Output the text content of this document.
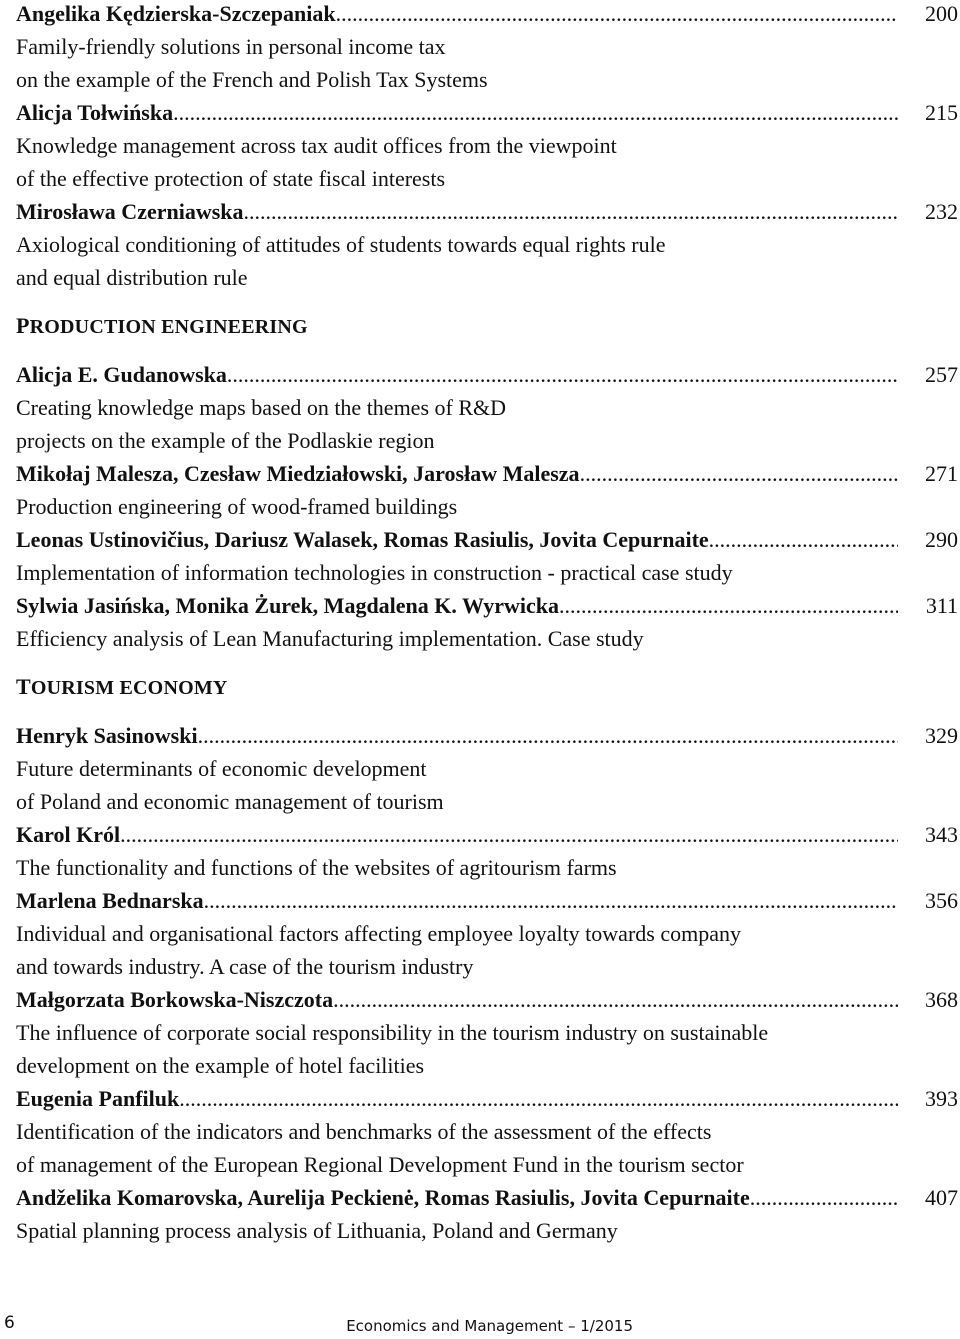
Angelika Kędzierska-Szczepaniak .....	200
Family-friendly solutions in personal income tax
on the example of the French and Polish Tax Systems
Alicja Tołwińska .....	215
Knowledge management across tax audit offices from the viewpoint
of the effective protection of state fiscal interests
Mirosława Czerniawska .....	232
Axiological conditioning of attitudes of students towards equal rights rule
and equal distribution rule
PRODUCTION ENGINEERING
Alicja E. Gudanowska .....	257
Creating knowledge maps based on the themes of R&D
projects on the example of the Podlaskie region
Mikołaj Malesza, Czesław Miedziałowski, Jarosław Malesza .....	271
Production engineering of wood-framed buildings
Leonas Ustinovičius, Dariusz Walasek, Romas Rasiulis, Jovita Cepurnaite .....	290
Implementation of information technologies in construction - practical case study
Sylwia Jasińska, Monika Żurek, Magdalena K. Wyrwicka .....	311
Efficiency analysis of Lean Manufacturing implementation. Case study
TOURISM ECONOMY
Henryk Sasinowski .....	329
Future determinants of economic development
of Poland and economic management of tourism
Karol Król .....	343
The functionality and functions of the websites of agritourism farms
Marlena Bednarska .....	356
Individual and organisational factors affecting employee loyalty towards company
and towards industry. A case of the tourism industry
Małgorzata Borkowska-Niszczota .....	368
The influence of corporate social responsibility in the tourism industry on sustainable
development on the example of hotel facilities
Eugenia Panfiluk .....	393
Identification of the indicators and benchmarks of the assessment of the effects
of management of the European Regional Development Fund in the tourism sector
Andželika Komarovska, Aurelija Peckienė, Romas Rasiulis, Jovita Cepurnaite .....	407
Spatial planning process analysis of Lithuania, Poland and Germany
6	Economics and Management – 1/2015
